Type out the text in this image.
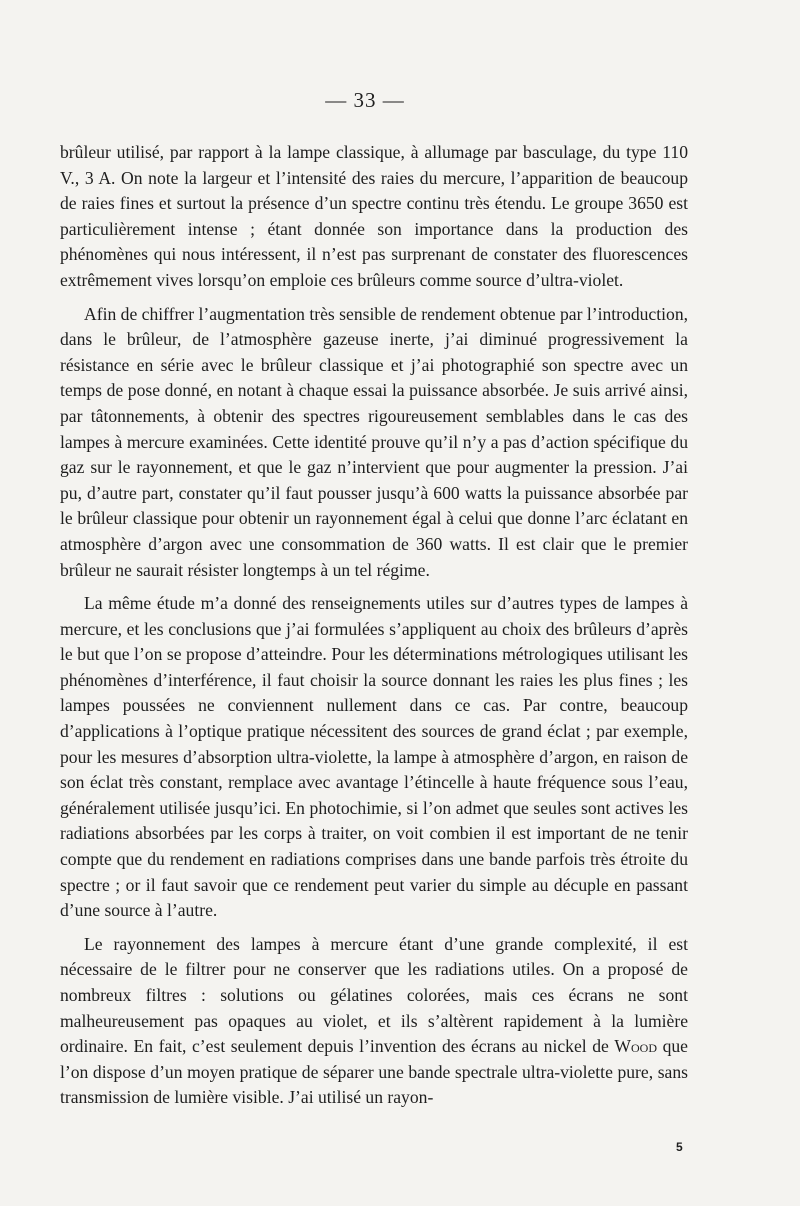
— 33 —

brûleur utilisé, par rapport à la lampe classique, à allumage par basculage, du type 110 V., 3 A. On note la largeur et l’intensité des raies du mercure, l’apparition de beaucoup de raies fines et surtout la présence d’un spectre continu très étendu. Le groupe 3650 est particulièrement intense ; étant donnée son importance dans la production des phénomènes qui nous intéressent, il n’est pas surprenant de constater des fluorescences extrêmement vives lorsqu’on emploie ces brûleurs comme source d’ultra-violet.

Afin de chiffrer l’augmentation très sensible de rendement obtenue par l’introduction, dans le brûleur, de l’atmosphère gazeuse inerte, j’ai diminué progressivement la résistance en série avec le brûleur classique et j’ai photographié son spectre avec un temps de pose donné, en notant à chaque essai la puissance absorbée. Je suis arrivé ainsi, par tâtonnements, à obtenir des spectres rigoureusement semblables dans le cas des lampes à mercure examinées. Cette identité prouve qu’il n’y a pas d’action spécifique du gaz sur le rayonnement, et que le gaz n’intervient que pour augmenter la pression. J’ai pu, d’autre part, constater qu’il faut pousser jusqu’à 600 watts la puissance absorbée par le brûleur classique pour obtenir un rayonnement égal à celui que donne l’arc éclatant en atmosphère d’argon avec une consommation de 360 watts. Il est clair que le premier brûleur ne saurait résister longtemps à un tel régime.

La même étude m’a donné des renseignements utiles sur d’autres types de lampes à mercure, et les conclusions que j’ai formulées s’appliquent au choix des brûleurs d’après le but que l’on se propose d’atteindre. Pour les déterminations métrologiques utilisant les phénomènes d’interférence, il faut choisir la source donnant les raies les plus fines ; les lampes poussées ne conviennent nullement dans ce cas. Par contre, beaucoup d’applications à l’optique pratique nécessitent des sources de grand éclat ; par exemple, pour les mesures d’absorption ultra-violette, la lampe à atmosphère d’argon, en raison de son éclat très constant, remplace avec avantage l’étincelle à haute fréquence sous l’eau, généralement utilisée jusqu’ici. En photochimie, si l’on admet que seules sont actives les radiations absorbées par les corps à traiter, on voit combien il est important de ne tenir compte que du rendement en radiations comprises dans une bande parfois très étroite du spectre ; or il faut savoir que ce rendement peut varier du simple au décuple en passant d’une source à l’autre.

Le rayonnement des lampes à mercure étant d’une grande complexité, il est nécessaire de le filtrer pour ne conserver que les radiations utiles. On a proposé de nombreux filtres : solutions ou gélatines colorées, mais ces écrans ne sont malheureusement pas opaques au violet, et ils s’altèrent rapidement à la lumière ordinaire. En fait, c’est seulement depuis l’invention des écrans au nickel de Wood que l’on dispose d’un moyen pratique de séparer une bande spectrale ultra-violette pure, sans transmission de lumière visible. J’ai utilisé un rayon-

5
